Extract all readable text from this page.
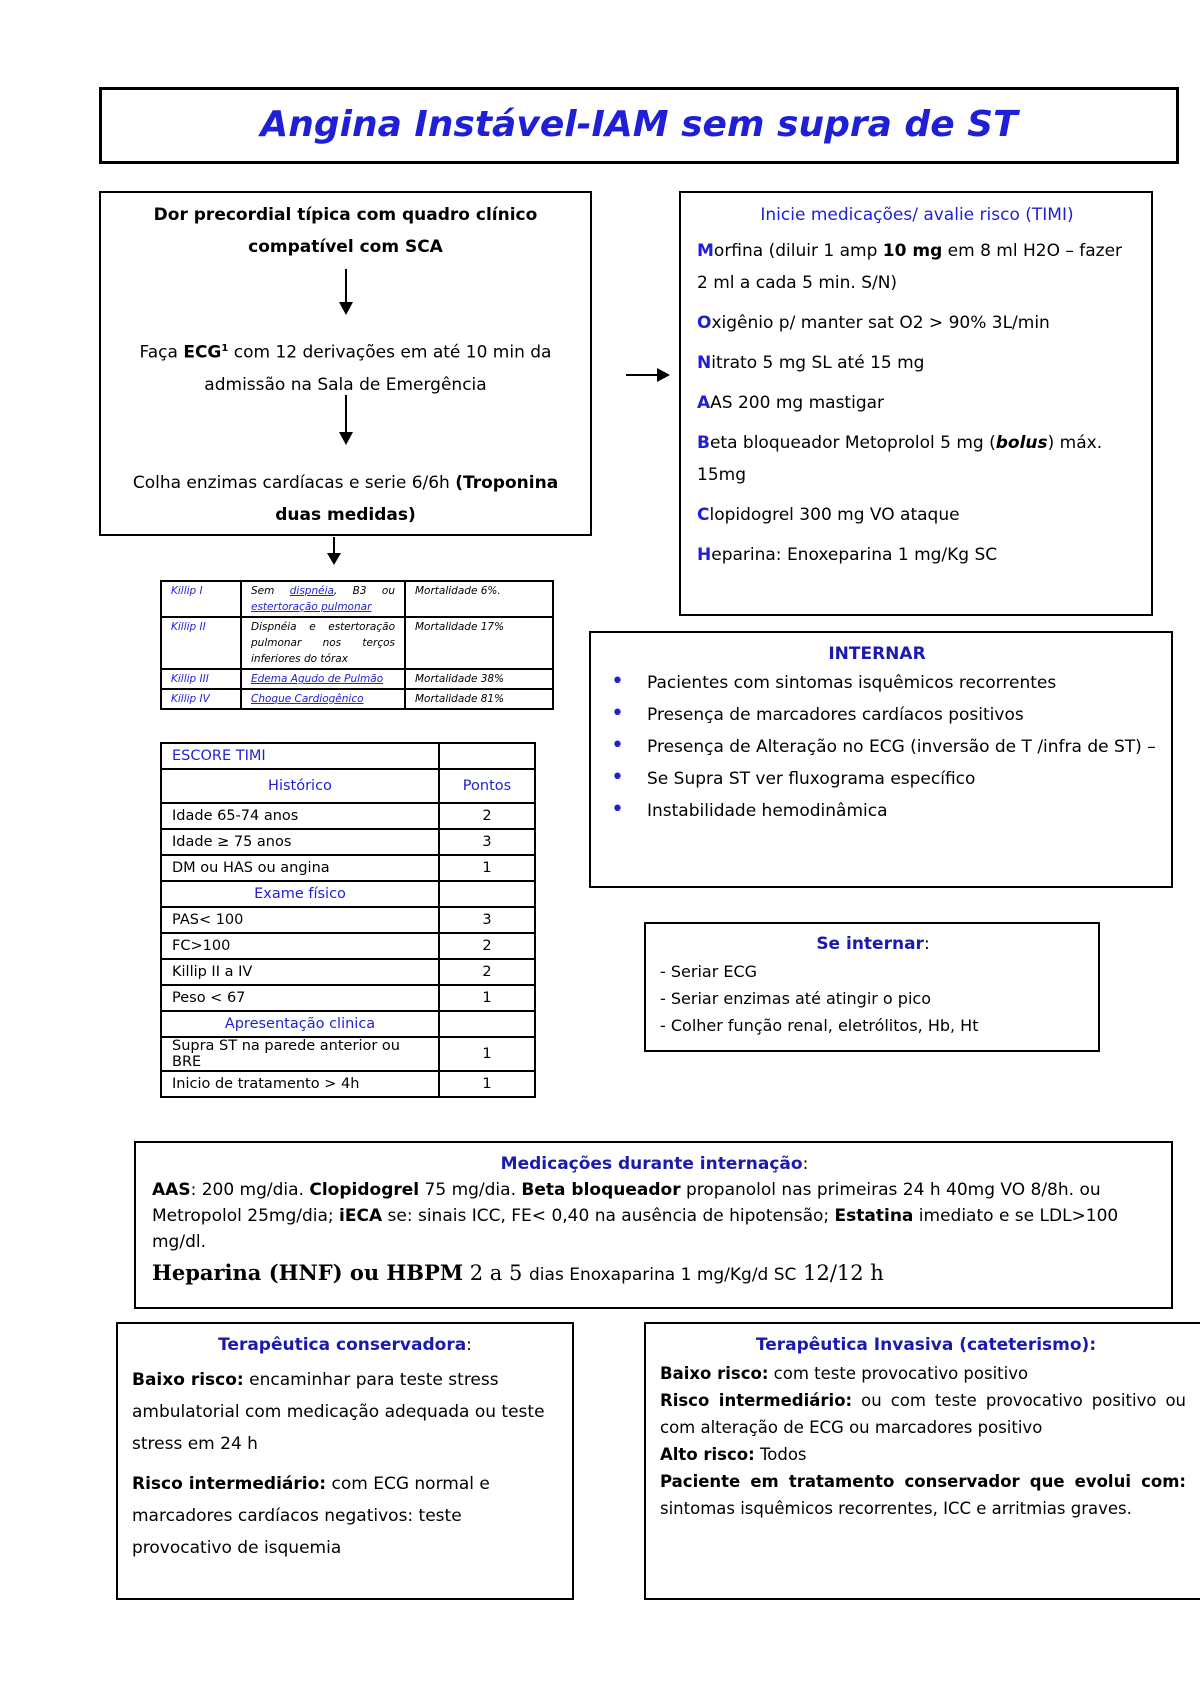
Angina Instável-IAM sem supra de ST
Dor precordial típica com quadro clínico compatível com SCA
Faça ECG$^1$ com 12 derivações em até 10 min da admissão na Sala de Emergência
Colha enzimas cardíacas e serie 6/6h (Troponina duas medidas)
Inicie medicações/ avalie risco (TIMI)
Morfina (diluir 1 amp 10 mg em 8 ml H2O – fazer 2 ml a cada 5 min. S/N)
Oxigênio p/ manter sat O2 > 90% 3L/min
Nitrato 5 mg SL até 15 mg
AAS 200 mg mastigar
Beta bloqueador Metoprolol 5 mg (bolus) máx. 15mg
Clopidogrel 300 mg VO ataque
Heparina: Enoxeparina 1 mg/Kg SC
Killip I	Sem dispnéia, B3 ou estertoração pulmonar	Mortalidade 6%.
Killip II	Dispnéia e estertoração pulmonar nos terços inferiores do tórax	Mortalidade 17%
Killip III	Edema Agudo de Pulmão	Mortalidade 38%
Killip IV	Choque Cardiogênico	Mortalidade 81%
ESCORE TIMI	
Histórico	Pontos
Idade 65-74 anos	2
Idade ≥ 75 anos	3
DM ou HAS ou angina	1
Exame físico	
PAS< 100	3
FC>100	2
Killip II a IV	2
Peso < 67	1
Apresentação clinica	
Supra ST na parede anterior ou BRE	1
Inicio de tratamento > 4h	1
INTERNAR
• Pacientes com sintomas isquêmicos recorrentes
• Presença de marcadores cardíacos positivos
• Presença de Alteração no ECG (inversão de T /infra de ST) –
• Se Supra ST ver fluxograma específico
• Instabilidade hemodinâmica
Se internar:
- Seriar ECG
- Seriar enzimas até atingir o pico
- Colher função renal, eletrólitos, Hb, Ht
Medicações durante internação:
AAS: 200 mg/dia. Clopidogrel 75 mg/dia. Beta bloqueador propanolol nas primeiras 24 h 40mg VO 8/8h. ou Metropolol 25mg/dia; iECA se: sinais ICC, FE< 0,40 na ausência de hipotensão; Estatina imediato e se LDL>100 mg/dl.
Heparina (HNF) ou HBPM 2 a 5 dias Enoxaparina 1 mg/Kg/d SC 12/12 h
Terapêutica conservadora:
Baixo risco: encaminhar para teste stress ambulatorial com medicação adequada ou teste stress em 24 h
Risco intermediário: com ECG normal e marcadores cardíacos negativos: teste provocativo de isquemia
Terapêutica Invasiva (cateterismo):
Baixo risco: com teste provocativo positivo
Risco intermediário: ou com teste provocativo positivo ou com alteração de ECG ou marcadores positivo
Alto risco: Todos
Paciente em tratamento conservador que evolui com: sintomas isquêmicos recorrentes, ICC e arritmias graves.
